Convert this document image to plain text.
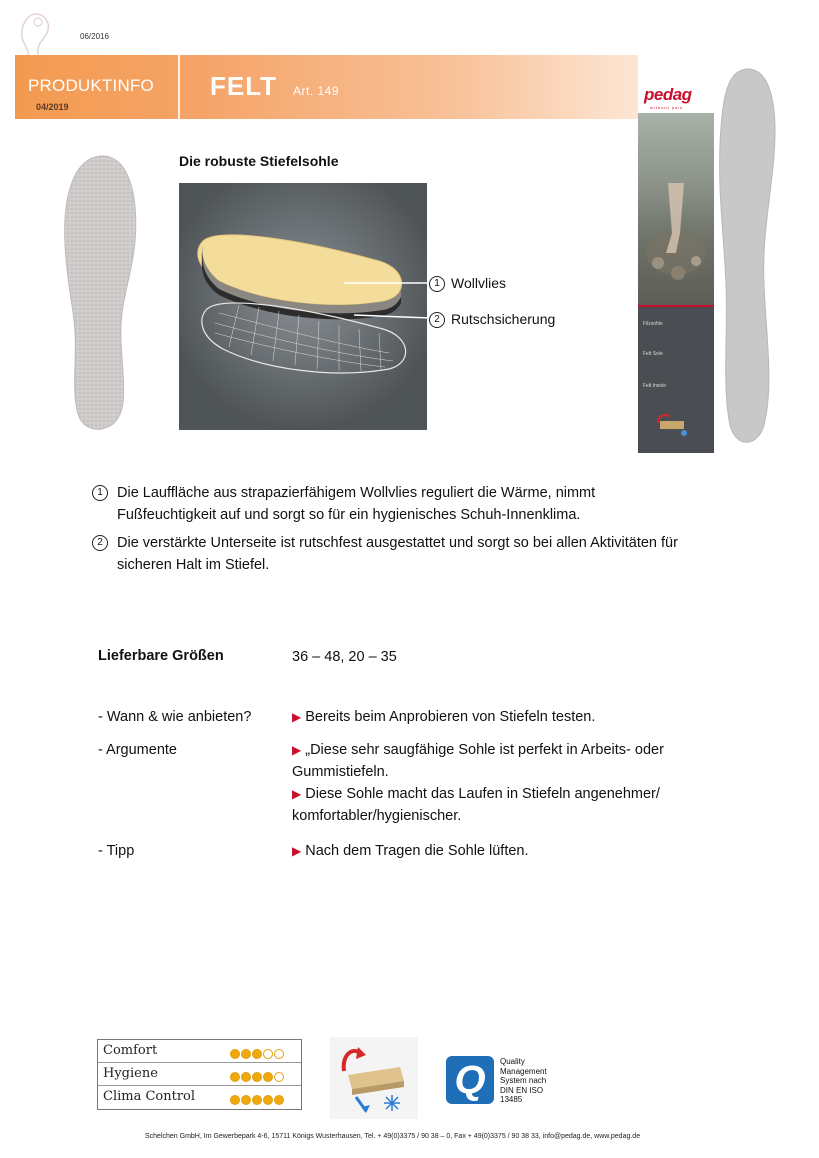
06/2016
PRODUKTINFO
04/2019
FELT Art. 149	pedag
without pain
FELT
Filzsohle
Felt Sole
Felt Insole
Die robuste Stiefelsohle
1 Wollvlies
2 Rutschsicherung
1 Die Lauffläche aus strapazierfähigem Wollvlies reguliert die Wärme, nimmt Fußfeuchtigkeit auf und sorgt so für ein hygienisches Schuh-Innenklima.
2 Die verstärkte Unterseite ist rutschfest ausgestattet und sorgt so bei allen Aktivitäten für sicheren Halt im Stiefel.
Lieferbare Größen	36 – 48, 20 – 35
- Wann & wie anbieten?	▶ Bereits beim Anprobieren von Stiefeln testen.
- Argumente	▶ „Diese sehr saugfähige Sohle ist perfekt in Arbeits- oder Gummistiefeln.
▶ Diese Sohle macht das Laufen in Stiefeln angenehmer/ komfortabler/hygienischer.
- Tipp	▶ Nach dem Tragen die Sohle lüften.
Comfort
Hygiene
Clima Control	Q	Quality
Management
System nach
DIN EN ISO
13485
Schelchen GmbH, Im Gewerbepark 4-6, 15711 Königs Wusterhausen, Tel. + 49(0)3375 / 90 38 – 0, Fax + 49(0)3375 / 90 38 33, info@pedag.de, www.pedag.de
